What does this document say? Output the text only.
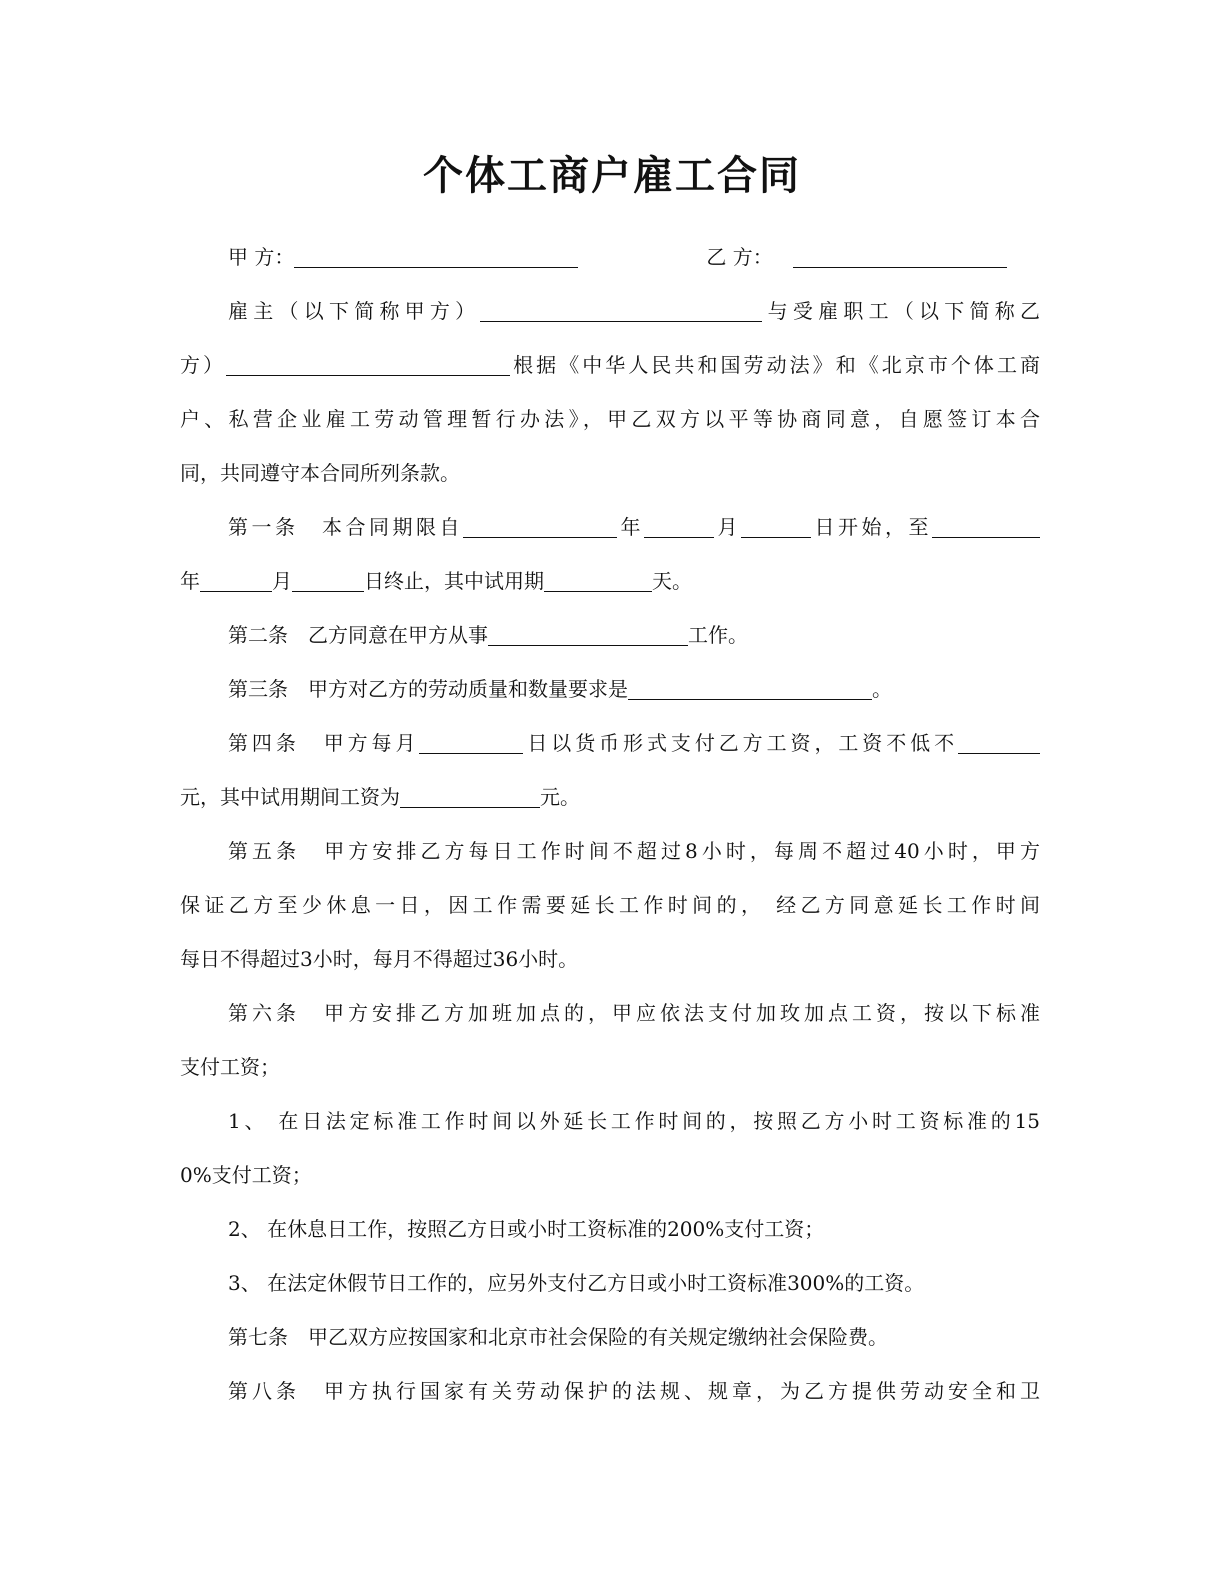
个体工商户雇工合同
甲 方：	乙 方：
雇主（以下简称甲方）	与受雇职工（以下简称乙
方）	根据《中华人民共和国劳动法》和《北京市个体工商
户、私营企业雇工劳动管理暂行办法》，甲乙双方以平等协商同意，自愿签订本合
同，共同遵守本合同所列条款。
第一条　本合同期限自	年	月	日开始，至
年	月	日终止，其中试用期	天。
第二条　乙方同意在甲方从事	工作。
第三条　甲方对乙方的劳动质量和数量要求是	。
第四条　甲方每月	日以货币形式支付乙方工资，工资不低不
元，其中试用期间工资为	元。
第五条　甲方安排乙方每日工作时间不超过8小时，每周不超过40小时，甲方
保证乙方至少休息一日，因工作需要延长工作时间的， 经乙方同意延长工作时间
每日不得超过3小时，每月不得超过36小时。
第六条　甲方安排乙方加班加点的，甲应依法支付加玫加点工资，按以下标准
支付工资；
1、 在日法定标准工作时间以外延长工作时间的，按照乙方小时工资标准的15
0%支付工资；
2、 在休息日工作，按照乙方日或小时工资标准的200%支付工资；
3、 在法定休假节日工作的，应另外支付乙方日或小时工资标准300%的工资。
第七条　甲乙双方应按国家和北京市社会保险的有关规定缴纳社会保险费。
第八条　甲方执行国家有关劳动保护的法规、规章，为乙方提供劳动安全和卫
